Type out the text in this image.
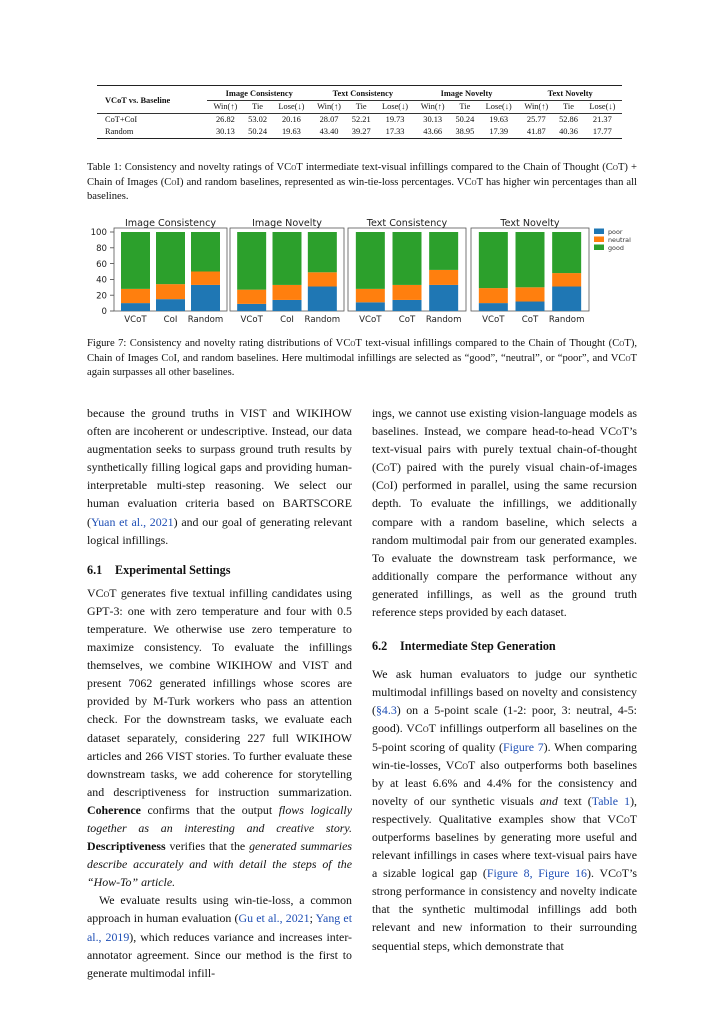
VCoT vs. Baseline	Image Consistency			Text Consistency			Image Novelty			Text Novelty		
	Win(↑)	Tie	Lose(↓)	Win(↑)	Tie	Lose(↓)	Win(↑)	Tie	Lose(↓)	Win(↑)	Tie	Lose(↓)
CoT+CoI	26.82	53.02	20.16	28.07	52.21	19.73	30.13	50.24	19.63	25.77	52.86	21.37
Random	30.13	50.24	19.63	43.40	39.27	17.33	43.66	38.95	17.39	41.87	40.36	17.77
Table 1: Consistency and novelty ratings of VCoT intermediate text-visual infillings compared to the Chain of Thought (CoT) + Chain of Images (CoI) and random baselines, represented as win-tie-loss percentages. VCoT has higher win percentages than all baselines.
0
20
40
60
80
100
Image Consistency
VCoT CoI Random
Image Novelty
VCoT CoI Random
Text Consistency
VCoT CoT Random
Text Novelty
VCoT CoT Random
poor
neutral
good
Figure 7: Consistency and novelty rating distributions of VCoT text-visual infillings compared to the Chain of Thought (CoT), Chain of Images CoI, and random baselines. Here multimodal infillings are selected as “good”, “neutral”, or “poor”, and VCoT again surpasses all other baselines.

because the ground truths in VIST and WIKIHOW often are incoherent or undescriptive. Instead, our data augmentation seeks to surpass ground truth results by synthetically filling logical gaps and providing human-interpretable multi-step reasoning. We select our human evaluation criteria based on BARTSCORE (Yuan et al., 2021) and our goal of generating relevant logical infillings.

6.1 Experimental Settings

VCoT generates five textual infilling candidates using GPT-3: one with zero temperature and four with 0.5 temperature. We otherwise use zero temperature to maximize consistency. To evaluate the infillings themselves, we combine WIKIHOW and VIST and present 7062 generated infillings whose scores are provided by M-Turk workers who pass an attention check. For the downstream tasks, we evaluate each dataset separately, considering 227 full WIKIHOW articles and 266 VIST stories. To further evaluate these downstream tasks, we add coherence for storytelling and descriptiveness for instruction summarization. Coherence confirms that the output flows logically together as an interesting and creative story. Descriptiveness verifies that the generated summaries describe accurately and with detail the steps of the “How-To” article.

We evaluate results using win-tie-loss, a common approach in human evaluation (Gu et al., 2021; Yang et al., 2019), which reduces variance and increases inter-annotator agreement. Since our method is the first to generate multimodal infill-

ings, we cannot use existing vision-language models as baselines. Instead, we compare head-to-head VCoT’s text-visual pairs with purely textual chain-of-thought (CoT) paired with the purely visual chain-of-images (CoI) performed in parallel, using the same recursion depth. To evaluate the infillings, we additionally compare with a random baseline, which selects a random multimodal pair from our generated examples. To evaluate the downstream task performance, we additionally compare the performance without any generated infillings, as well as the ground truth reference steps provided by each dataset.

6.2 Intermediate Step Generation

We ask human evaluators to judge our synthetic multimodal infillings based on novelty and consistency (§4.3) on a 5-point scale (1-2: poor, 3: neutral, 4-5: good). VCoT infillings outperform all baselines on the 5-point scoring of quality (Figure 7). When comparing win-tie-losses, VCoT also outperforms both baselines by at least 6.6% and 4.4% for the consistency and novelty of our synthetic visuals and text (Table 1), respectively. Qualitative examples show that VCoT outperforms baselines by generating more useful and relevant infillings in cases where text-visual pairs have a sizable logical gap (Figure 8, Figure 16). VCoT’s strong performance in consistency and novelty indicate that the synthetic multimodal infillings add both relevant and new information to their surrounding sequential steps, which demonstrate that
